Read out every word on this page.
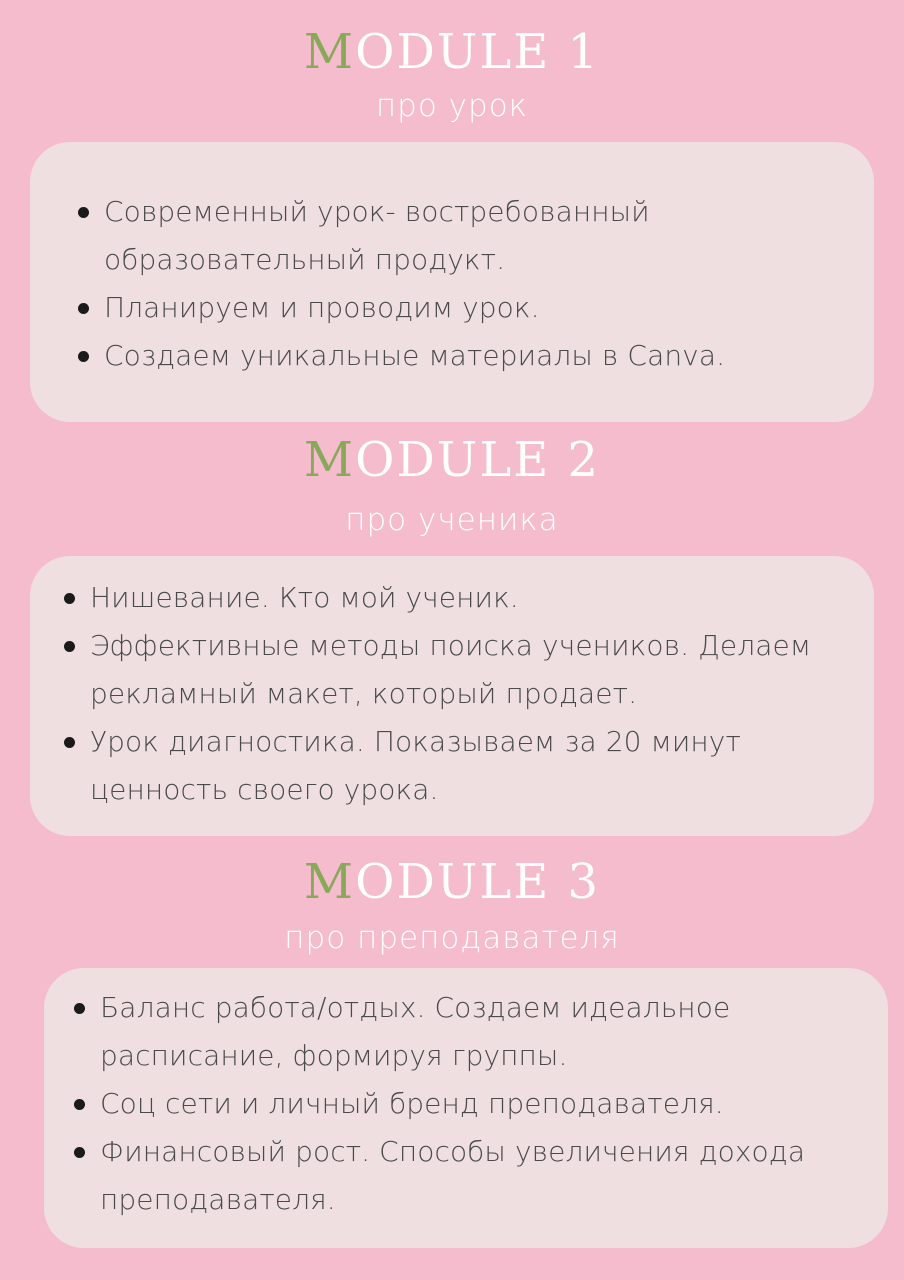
MODULE 1
про урок
Современный урок- востребованный образовательный продукт.
Планируем и проводим урок.
Создаем уникальные материалы в Canva.
MODULE 2
про ученика
Нишевание. Кто мой ученик.
Эффективные методы поиска учеников. Делаем рекламный макет, который продает.
Урок диагностика. Показываем за 20 минут ценность своего урока.
MODULE 3
про преподавателя
Баланс работа/отдых. Создаем идеальное расписание, формируя группы.
Соц сети и личный бренд преподавателя.
Финансовый рост. Способы увеличения дохода преподавателя.
